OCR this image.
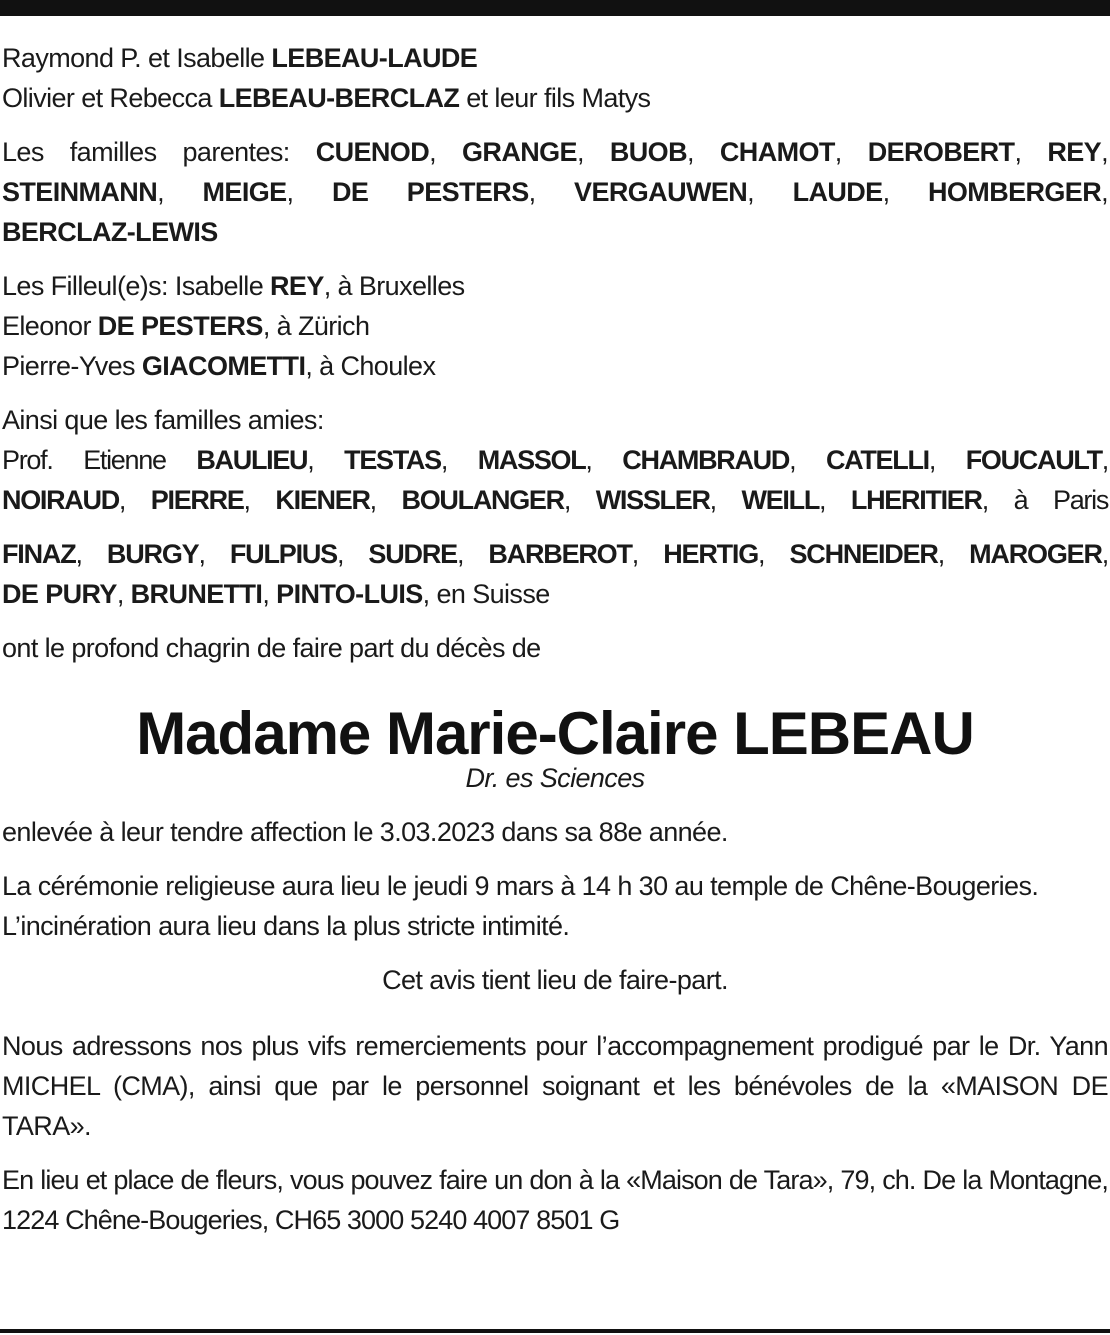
Raymond P. et Isabelle LEBEAU-LAUDE

Olivier et Rebecca LEBEAU-BERCLAZ et leur fils Matys

Les familles parentes: CUENOD, GRANGE, BUOB, CHAMOT, DEROBERT, REY,

STEINMANN, MEIGE, DE PESTERS, VERGAUWEN, LAUDE, HOMBERGER,

BERCLAZ-LEWIS

Les Filleul(e)s: Isabelle REY, à Bruxelles

Eleonor DE PESTERS, à Zürich

Pierre-Yves GIACOMETTI, à Choulex

Ainsi que les familles amies:

Prof. Etienne BAULIEU, TESTAS, MASSOL, CHAMBRAUD, CATELLI, FOUCAULT,

NOIRAUD, PIERRE, KIENER, BOULANGER, WISSLER, WEILL, LHERITIER, à Paris

FINAZ, BURGY, FULPIUS, SUDRE, BARBEROT, HERTIG, SCHNEIDER, MAROGER,

DE PURY, BRUNETTI, PINTO-LUIS, en Suisse

ont le profond chagrin de faire part du décès de

Madame Marie-Claire LEBEAU
Dr. es Sciences

enlevée à leur tendre affection le 3.03.2023 dans sa 88e année.

La cérémonie religieuse aura lieu le jeudi 9 mars à 14 h 30 au temple de Chêne-Bougeries.

L’incinération aura lieu dans la plus stricte intimité.

Cet avis tient lieu de faire-part.

Nous adressons nos plus vifs remerciements pour l’accompagnement prodigué par le Dr. Yann MICHEL (CMA), ainsi que par le personnel soignant et les bénévoles de la «MAISON DE TARA».

En lieu et place de fleurs, vous pouvez faire un don à la «Maison de Tara», 79, ch. De la Montagne, 1224 Chêne-Bougeries, CH65 3000 5240 4007 8501 G
